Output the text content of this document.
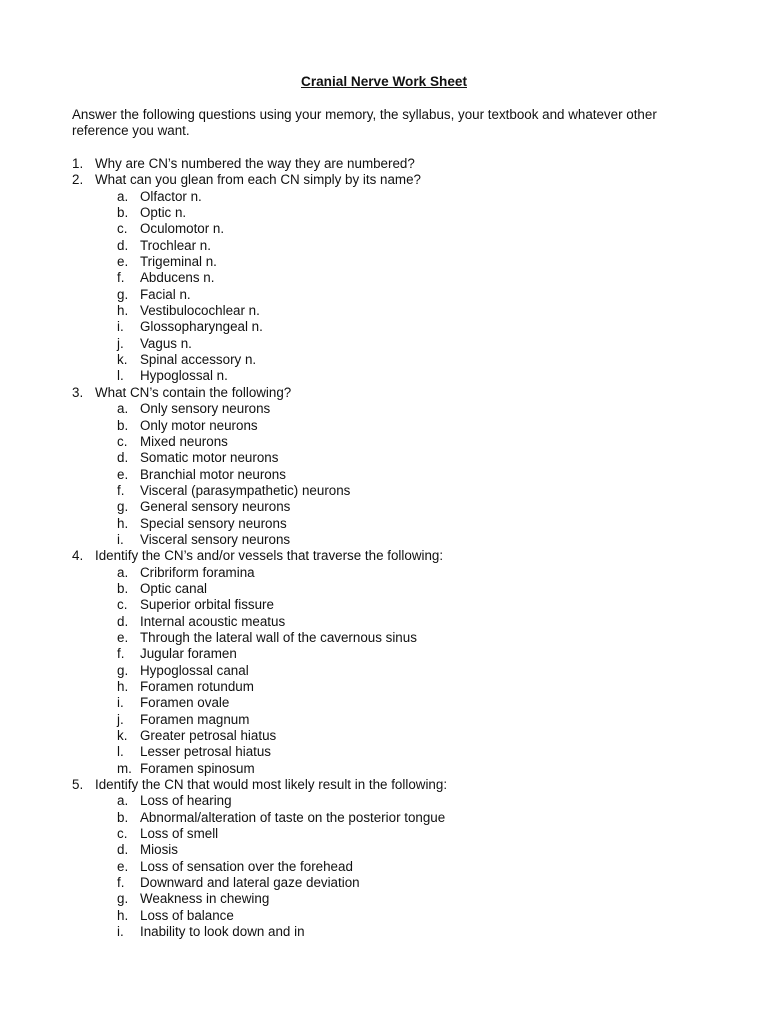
Cranial Nerve Work Sheet

Answer the following questions using your memory, the syllabus, your textbook and whatever other reference you want.

1. Why are CN’s numbered the way they are numbered?
2. What can you glean from each CN simply by its name?
a. Olfactor n.
b. Optic n.
c. Oculomotor n.
d. Trochlear n.
e. Trigeminal n.
f. Abducens n.
g. Facial n.
h. Vestibulocochlear n.
i. Glossopharyngeal n.
j. Vagus n.
k. Spinal accessory n.
l. Hypoglossal n.
3. What CN’s contain the following?
a. Only sensory neurons
b. Only motor neurons
c. Mixed neurons
d. Somatic motor neurons
e. Branchial motor neurons
f. Visceral (parasympathetic) neurons
g. General sensory neurons
h. Special sensory neurons
i. Visceral sensory neurons
4. Identify the CN’s and/or vessels that traverse the following:
a. Cribriform foramina
b. Optic canal
c. Superior orbital fissure
d. Internal acoustic meatus
e. Through the lateral wall of the cavernous sinus
f. Jugular foramen
g. Hypoglossal canal
h. Foramen rotundum
i. Foramen ovale
j. Foramen magnum
k. Greater petrosal hiatus
l. Lesser petrosal hiatus
m. Foramen spinosum
5. Identify the CN that would most likely result in the following:
a. Loss of hearing
b. Abnormal/alteration of taste on the posterior tongue
c. Loss of smell
d. Miosis
e. Loss of sensation over the forehead
f. Downward and lateral gaze deviation
g. Weakness in chewing
h. Loss of balance
i. Inability to look down and in
